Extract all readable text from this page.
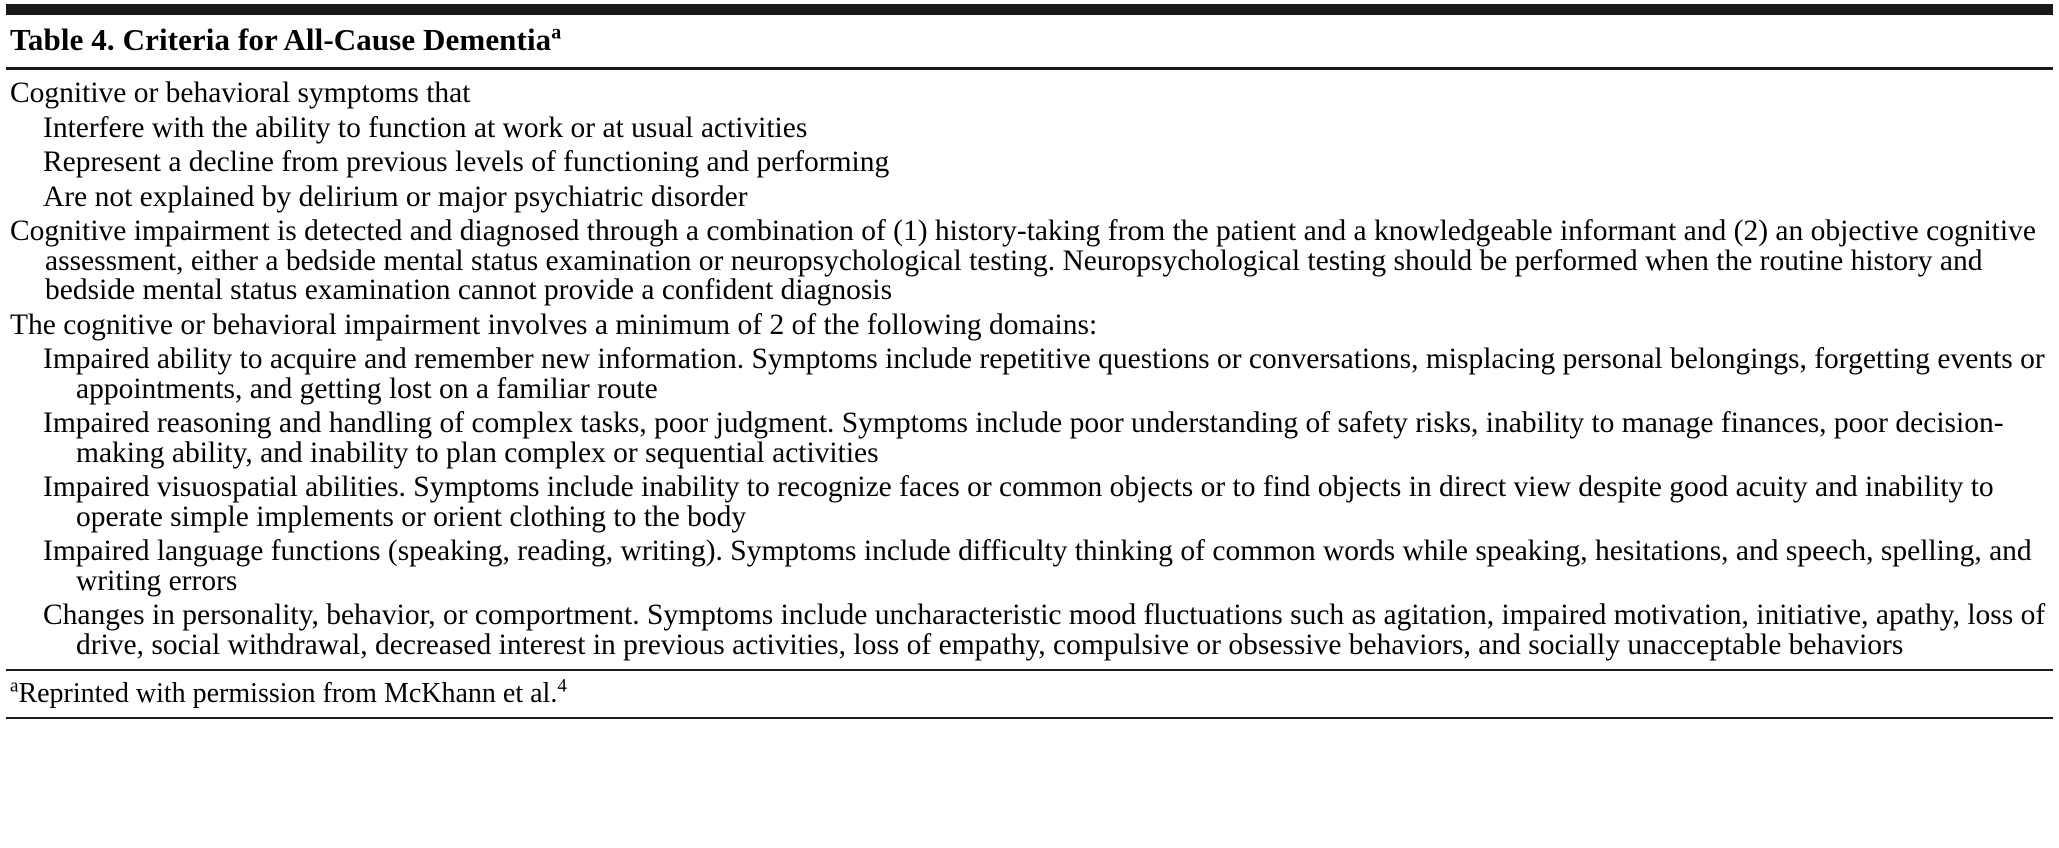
Table 4. Criteria for All-Cause Dementia$^a$
Cognitive or behavioral symptoms that
Interfere with the ability to function at work or at usual activities
Represent a decline from previous levels of functioning and performing
Are not explained by delirium or major psychiatric disorder
Cognitive impairment is detected and diagnosed through a combination of (1) history-taking from the patient and a knowledgeable informant and (2) an objective cognitive assessment, either a bedside mental status examination or neuropsychological testing. Neuropsychological testing should be performed when the routine history and bedside mental status examination cannot provide a confident diagnosis
The cognitive or behavioral impairment involves a minimum of 2 of the following domains:
Impaired ability to acquire and remember new information. Symptoms include repetitive questions or conversations, misplacing personal belongings, forgetting events or appointments, and getting lost on a familiar route
Impaired reasoning and handling of complex tasks, poor judgment. Symptoms include poor understanding of safety risks, inability to manage finances, poor decision-making ability, and inability to plan complex or sequential activities
Impaired visuospatial abilities. Symptoms include inability to recognize faces or common objects or to find objects in direct view despite good acuity and inability to operate simple implements or orient clothing to the body
Impaired language functions (speaking, reading, writing). Symptoms include difficulty thinking of common words while speaking, hesitations, and speech, spelling, and writing errors
Changes in personality, behavior, or comportment. Symptoms include uncharacteristic mood fluctuations such as agitation, impaired motivation, initiative, apathy, loss of drive, social withdrawal, decreased interest in previous activities, loss of empathy, compulsive or obsessive behaviors, and socially unacceptable behaviors
$^a$Reprinted with permission from McKhann et al.$^4$
